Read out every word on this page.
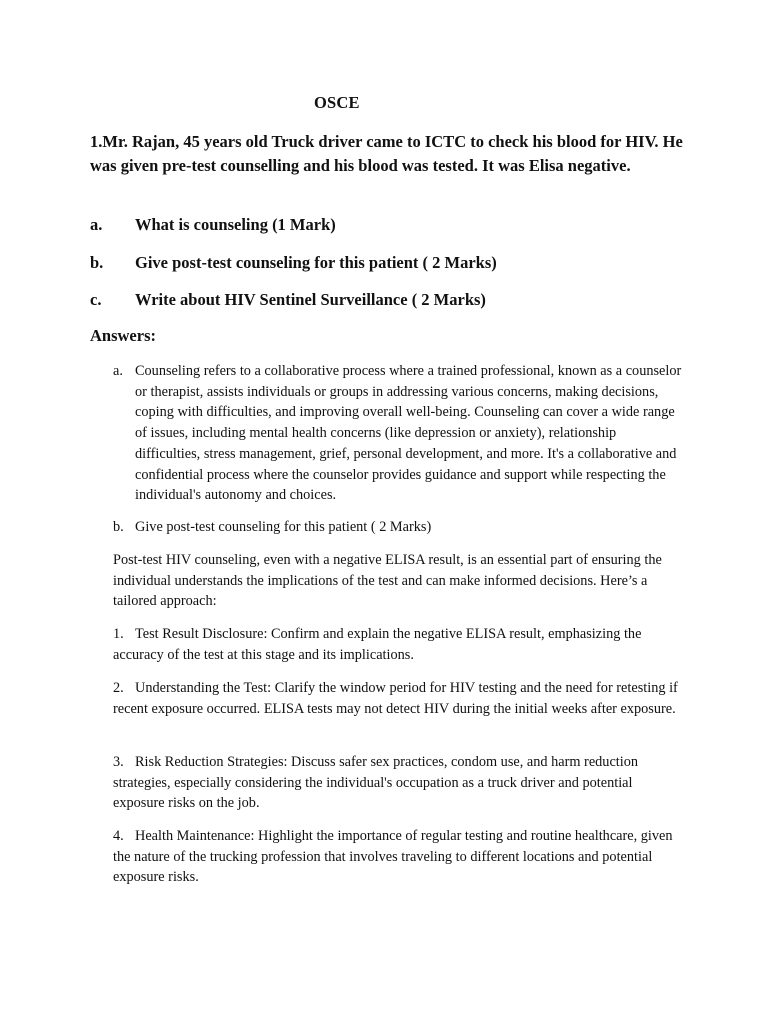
OSCE
1.Mr. Rajan, 45 years old Truck driver came to ICTC to check his blood for HIV. He was given pre-test counselling and his blood was tested. It was Elisa negative.
a. What is counseling (1 Mark)
b. Give post-test counseling for this patient ( 2 Marks)
c. Write about HIV Sentinel Surveillance ( 2 Marks)
Answers:
a. Counseling refers to a collaborative process where a trained professional, known as a counselor or therapist, assists individuals or groups in addressing various concerns, making decisions, coping with difficulties, and improving overall well-being. Counseling can cover a wide range of issues, including mental health concerns (like depression or anxiety), relationship difficulties, stress management, grief, personal development, and more. It's a collaborative and confidential process where the counselor provides guidance and support while respecting the individual's autonomy and choices.
b. Give post-test counseling for this patient ( 2 Marks)
Post-test HIV counseling, even with a negative ELISA result, is an essential part of ensuring the individual understands the implications of the test and can make informed decisions. Here’s a tailored approach:
1. Test Result Disclosure: Confirm and explain the negative ELISA result, emphasizing the accuracy of the test at this stage and its implications.
2. Understanding the Test: Clarify the window period for HIV testing and the need for retesting if recent exposure occurred. ELISA tests may not detect HIV during the initial weeks after exposure.
3. Risk Reduction Strategies: Discuss safer sex practices, condom use, and harm reduction strategies, especially considering the individual's occupation as a truck driver and potential exposure risks on the job.
4. Health Maintenance: Highlight the importance of regular testing and routine healthcare, given the nature of the trucking profession that involves traveling to different locations and potential exposure risks.
